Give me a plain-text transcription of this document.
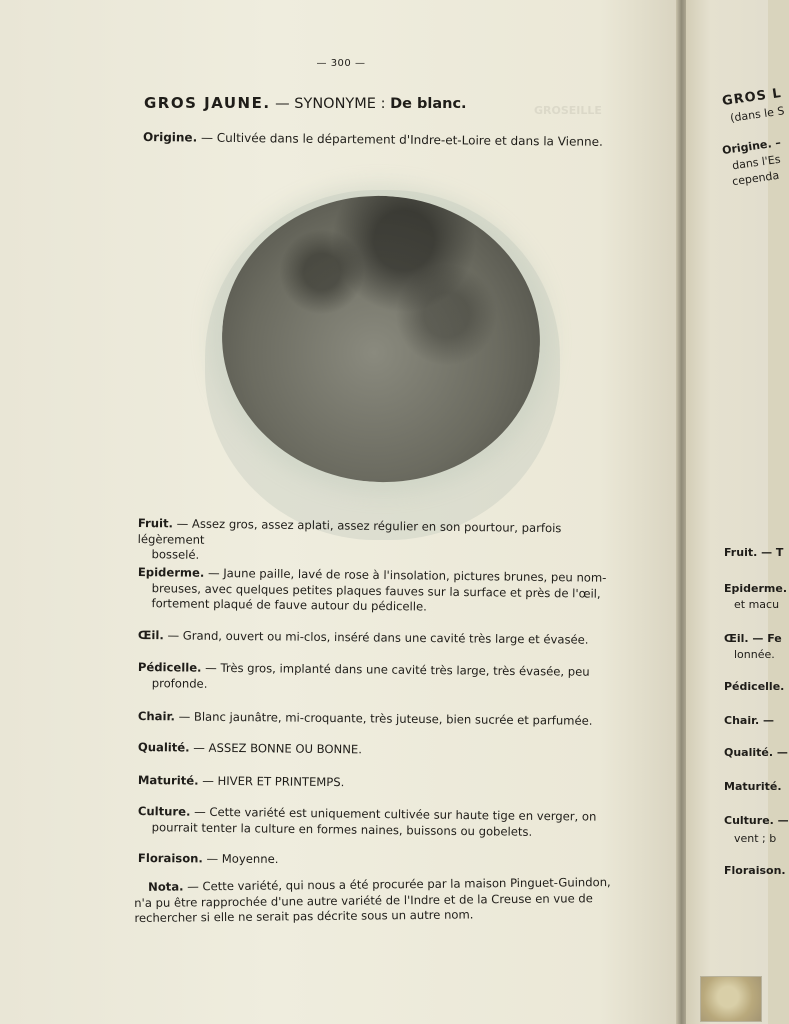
GROSEILLE
— 300 —
GROS JAUNE. — SYNONYME : De blanc.
Origine. — Cultivée dans le département d'Indre-et-Loire et dans la Vienne.
Fruit. — Assez gros, assez aplati, assez régulier en son pourtour, parfois légèrement
bosselé.
Epiderme. — Jaune paille, lavé de rose à l'insolation, pictures brunes, peu nom-
breuses, avec quelques petites plaques fauves sur la surface et près de l'œil,
fortement plaqué de fauve autour du pédicelle.
Œil. — Grand, ouvert ou mi-clos, inséré dans une cavité très large et évasée.
Pédicelle. — Très gros, implanté dans une cavité très large, très évasée, peu
profonde.
Chair. — Blanc jaunâtre, mi-croquante, très juteuse, bien sucrée et parfumée.
Qualité. — ASSEZ BONNE OU BONNE.
Maturité. — HIVER ET PRINTEMPS.
Culture. — Cette variété est uniquement cultivée sur haute tige en verger, on
pourrait tenter la culture en formes naines, buissons ou gobelets.
Floraison. — Moyenne.
Nota. — Cette variété, qui nous a été procurée par la maison Pinguet-Guindon,
n'a pu être rapprochée d'une autre variété de l'Indre et de la Creuse en vue de
rechercher si elle ne serait pas décrite sous un autre nom.
GROS L
(dans le S
Origine. –
dans l'Es
cependa
Fruit. — T
Epiderme.
et macu
Œil. — Fe
lonnée.
Pédicelle.
Chair. —
Qualité. —
Maturité.
Culture. —
vent ; b
Floraison.
